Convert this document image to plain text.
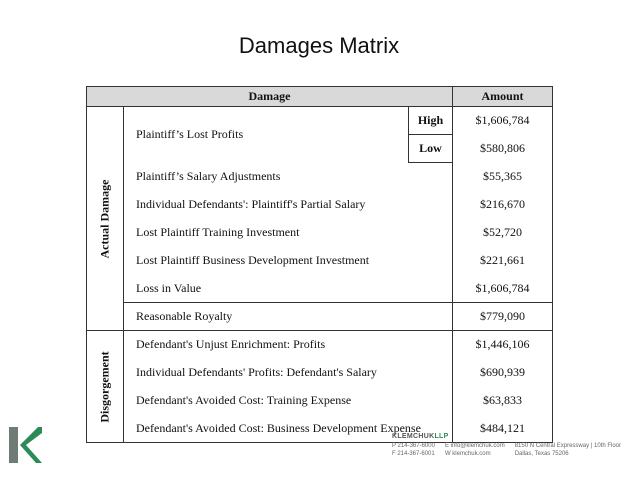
Damages Matrix
Damage			Amount

Actual Damage	Plaintiff’s Lost Profits	High	$1,606,784
		Low	$580,806
	Plaintiff’s Salary Adjustments		$55,365
	Individual Defendants': Plaintiff's Partial Salary		$216,670
	Lost Plaintiff Training Investment		$52,720
	Lost Plaintiff Business Development Investment		$221,661
	Loss in Value		$1,606,784
	Reasonable Royalty		$779,090

Disgorgement	Defendant's Unjust Enrichment: Profits		$1,446,106
	Individual Defendants' Profits: Defendant's Salary		$690,939
	Defendant's Avoided Cost: Training Expense		$63,833
	Defendant's Avoided Cost: Business Development Expense		$484,121
KLEMCHUKLLP
P 214-367-6000
F 214-367-6001
E info@klemchuk.com
W klemchuk.com
8150 N Central Expressway | 10th Floor
Dallas, Texas 75206
